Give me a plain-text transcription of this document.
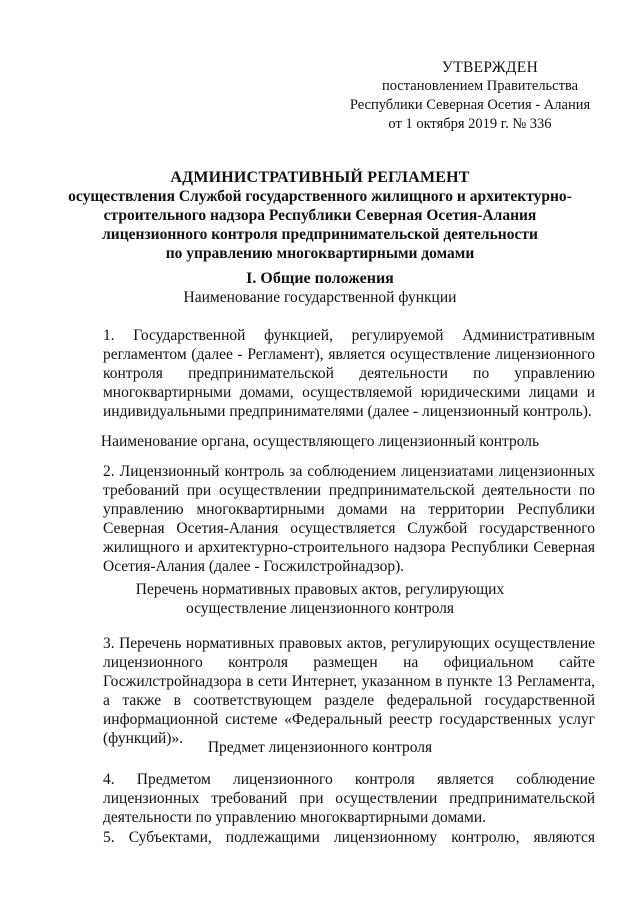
УТВЕРЖДЕН
постановлением Правительства
Республики Северная Осетия - Алания
от 1 октября 2019 г. № 336
АДМИНИСТРАТИВНЫЙ РЕГЛАМЕНТ
осуществления Службой государственного жилищного и архитектурно-
строительного надзора Республики Северная Осетия-Алания
лицензионного контроля предпринимательской деятельности
по управлению многоквартирными домами
I. Общие положения
Наименование государственной функции
1. Государственной функцией, регулируемой Административным регламентом (далее - Регламент), является осуществление лицензионного контроля предпринимательской деятельности по управлению многоквартирными домами, осуществляемой юридическими лицами и индивидуальными предпринимателями (далее - лицензионный контроль).
Наименование органа, осуществляющего лицензионный контроль
2. Лицензионный контроль за соблюдением лицензиатами лицензионных требований при осуществлении предпринимательской деятельности по управлению многоквартирными домами на территории Республики Северная Осетия-Алания осуществляется Службой государственного жилищного и архитектурно-строительного надзора Республики Северная Осетия-Алания (далее - Госжилстройнадзор).
Перечень нормативных правовых актов, регулирующих осуществление лицензионного контроля
3. Перечень нормативных правовых актов, регулирующих осуществление лицензионного контроля размещен на официальном сайте Госжилстройнадзора в сети Интернет, указанном в пункте 13 Регламента, а также в соответствующем разделе федеральной государственной информационной системе «Федеральный реестр государственных услуг (функций)».
Предмет лицензионного контроля
4. Предметом лицензионного контроля является соблюдение лицензионных требований при осуществлении предпринимательской деятельности по управлению многоквартирными домами.
5. Субъектами, подлежащими лицензионному контролю, являются
